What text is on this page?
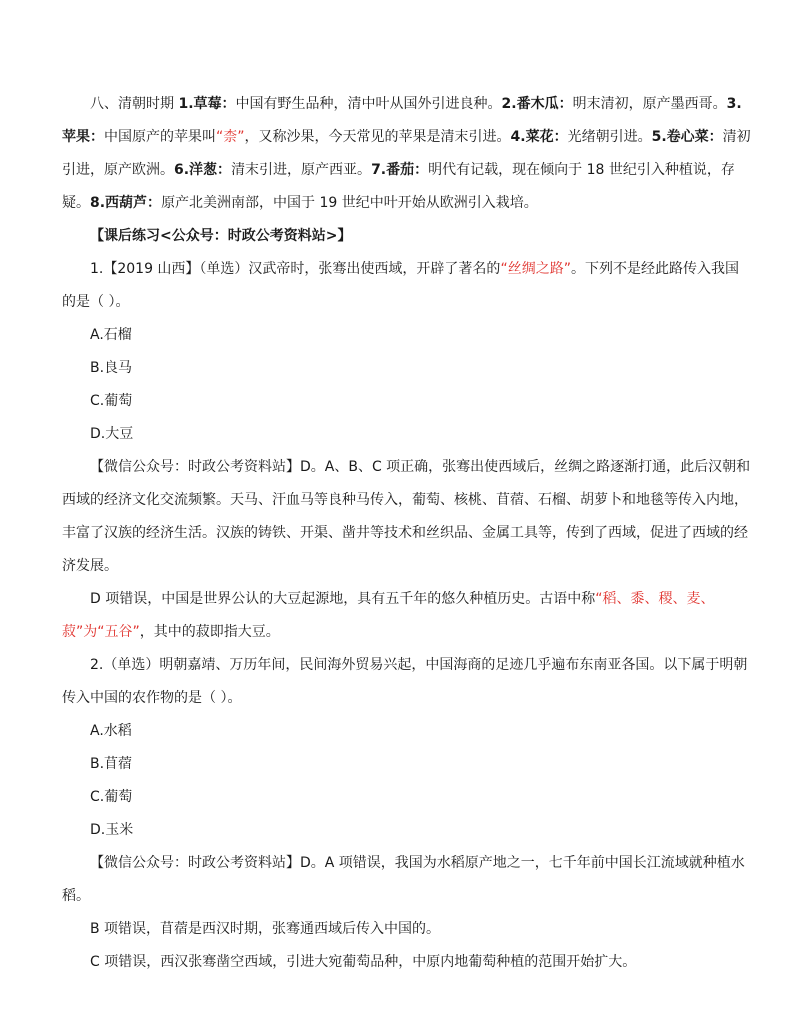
八、清朝时期 1.草莓：中国有野生品种，清中叶从国外引进良种。2.番木瓜：明末清初，原产墨西哥。3.苹果：中国原产的苹果叫“柰”，又称沙果，今天常见的苹果是清末引进。4.菜花：光绪朝引进。5.卷心菜：清初引进，原产欧洲。6.洋葱：清末引进，原产西亚。7.番茄：明代有记载，现在倾向于 18 世纪引入种植说，存疑。8.西葫芦：原产北美洲南部，中国于 19 世纪中叶开始从欧洲引入栽培。

【课后练习<公众号：时政公考资料站>】

1.【2019 山西】（单选）汉武帝时，张骞出使西域，开辟了著名的“丝绸之路”。下列不是经此路传入我国的是（ ）。

A.石榴

B.良马

C.葡萄

D.大豆

【微信公众号：时政公考资料站】D。A、B、C 项正确，张骞出使西域后，丝绸之路逐渐打通，此后汉朝和西域的经济文化交流频繁。天马、汗血马等良种马传入，葡萄、核桃、苜蓿、石榴、胡萝卜和地毯等传入内地，丰富了汉族的经济生活。汉族的铸铁、开渠、凿井等技术和丝织品、金属工具等，传到了西域，促进了西域的经济发展。

D 项错误，中国是世界公认的大豆起源地，具有五千年的悠久种植历史。古语中称“稻、黍、稷、麦、菽”为“五谷”，其中的菽即指大豆。

2.（单选）明朝嘉靖、万历年间，民间海外贸易兴起，中国海商的足迹几乎遍布东南亚各国。以下属于明朝传入中国的农作物的是（ ）。

A.水稻

B.苜蓿

C.葡萄

D.玉米

【微信公众号：时政公考资料站】D。A 项错误，我国为水稻原产地之一，七千年前中国长江流域就种植水稻。

B 项错误，苜蓿是西汉时期，张骞通西域后传入中国的。

C 项错误，西汉张骞凿空西域，引进大宛葡萄品种，中原内地葡萄种植的范围开始扩大。
